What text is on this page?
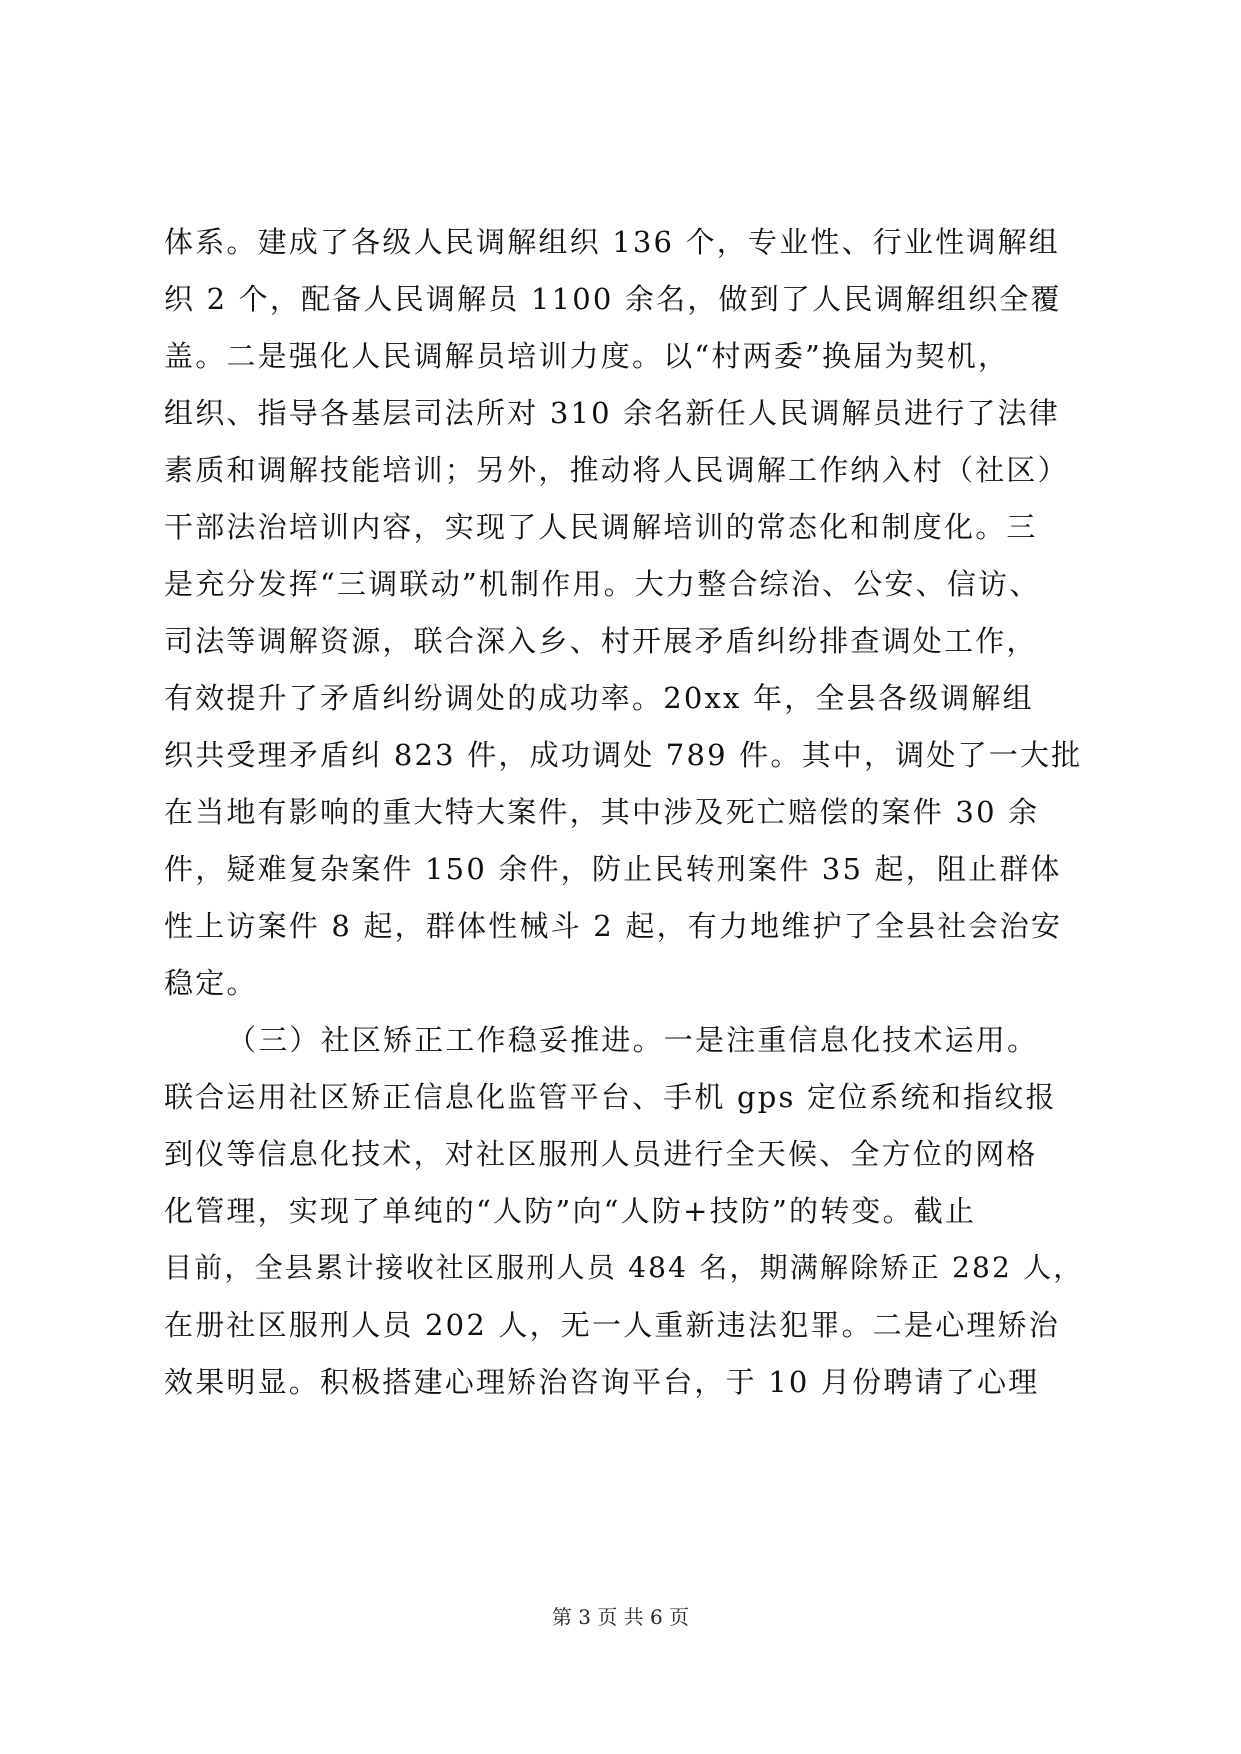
体系。建成了各级人民调解组织 136 个，专业性、行业性调解组
织 2 个，配备人民调解员 1100 余名，做到了人民调解组织全覆
盖。二是强化人民调解员培训力度。以“村两委”换届为契机，
组织、指导各基层司法所对 310 余名新任人民调解员进行了法律
素质和调解技能培训；另外，推动将人民调解工作纳入村（社区）
干部法治培训内容，实现了人民调解培训的常态化和制度化。三
是充分发挥“三调联动”机制作用。大力整合综治、公安、信访、
司法等调解资源，联合深入乡、村开展矛盾纠纷排查调处工作，
有效提升了矛盾纠纷调处的成功率。20xx 年，全县各级调解组
织共受理矛盾纠 823 件，成功调处 789 件。其中，调处了一大批
在当地有影响的重大特大案件，其中涉及死亡赔偿的案件 30 余
件，疑难复杂案件 150 余件，防止民转刑案件 35 起，阻止群体
性上访案件 8 起，群体性械斗 2 起，有力地维护了全县社会治安
稳定。
（三）社区矫正工作稳妥推进。一是注重信息化技术运用。
联合运用社区矫正信息化监管平台、手机 gps 定位系统和指纹报
到仪等信息化技术，对社区服刑人员进行全天候、全方位的网格
化管理，实现了单纯的“人防”向“人防+技防”的转变。截止
目前，全县累计接收社区服刑人员 484 名，期满解除矫正 282 人，
在册社区服刑人员 202 人，无一人重新违法犯罪。二是心理矫治
效果明显。积极搭建心理矫治咨询平台，于 10 月份聘请了心理
第 3 页 共 6 页
